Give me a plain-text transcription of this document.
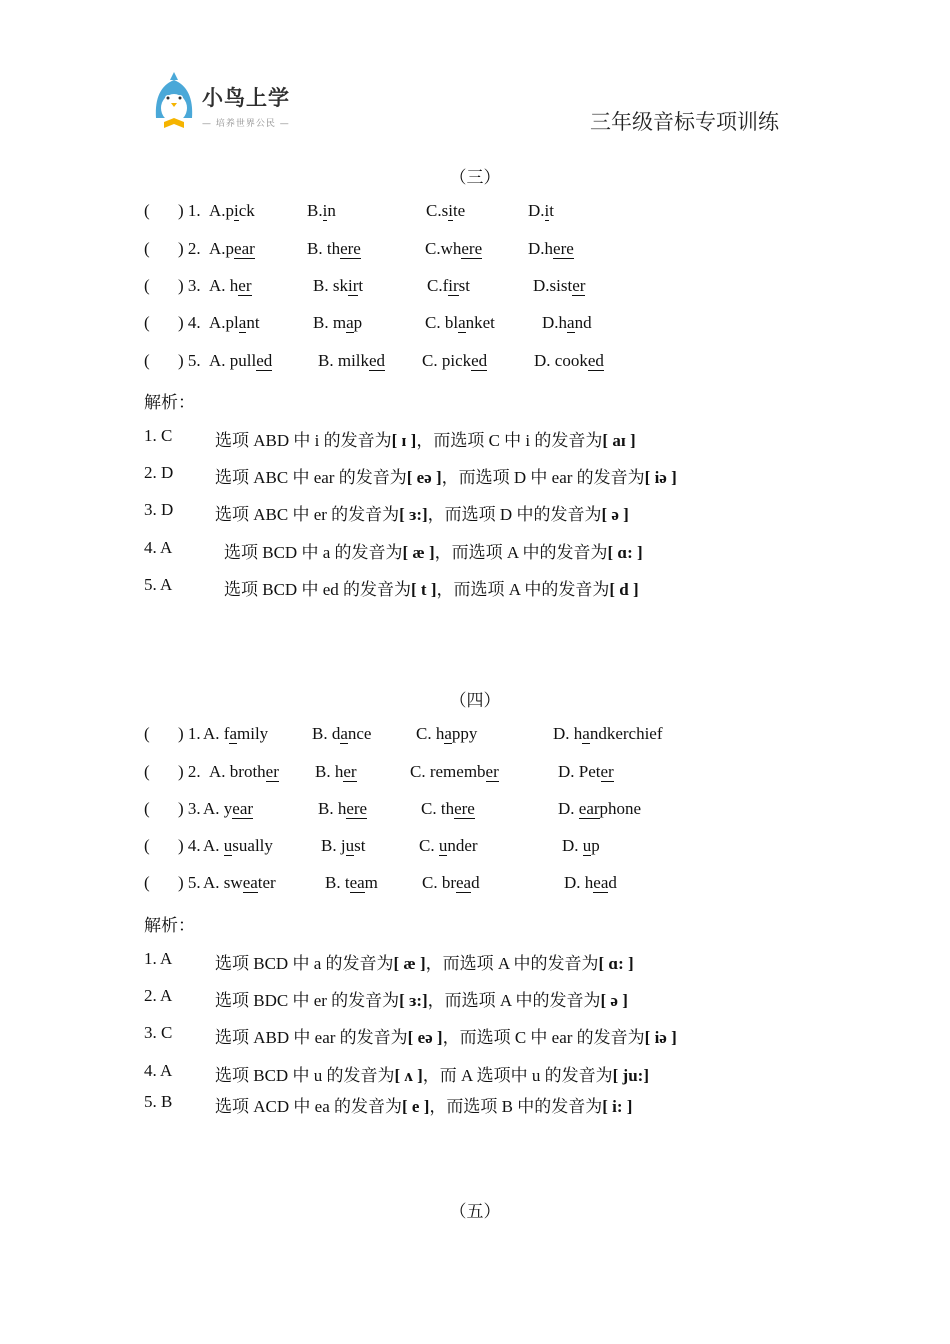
小鸟上学
— 培养世界公民 —	三年级音标专项训练
（三）
( ) 1. A.pick	B.in	C.site	D.it
( ) 2. A.pear	B. there	C.where	D.here
( ) 3. A. her	B. skirt	C.first	D.sister
( ) 4. A.plant	B. map	C. blanket	D.hand
( ) 5. A. pulled	B. milked C. picked	D. cooked
解析：
1. C	选项 ABD 中 i 的发音为[ ɪ ]，而选项 C 中 i 的发音为[ aɪ ]
2. D 选项 ABC 中 ear 的发音为[ eə ]，而选项 D 中 ear 的发音为[ iə ]
3. D 选项 ABC 中 er 的发音为[ ɜ:]，而选项 D 中的发音为[ ə ]
4. A	选项 BCD 中 a 的发音为[ æ ]，而选项 A 中的发音为[ ɑ: ]
5. A	选项 BCD 中 ed 的发音为[ t ]，而选项 A 中的发音为[ d ]
（四）
( ) 1. A. family	B. dance	C. happy	D. handkerchief
( ) 2. A. brother B. her	C. remember	D. Peter
( ) 3. A. year	B. here	C. there	D. earphone
( ) 4. A. usually	B. just	C. under	D. up
( ) 5. A. sweater	B. team	C. bread	D. head
解析：
1. A	选项 BCD 中 a 的发音为[ æ ]，而选项 A 中的发音为[ ɑ: ]
2. A	选项 BDC 中 er 的发音为[ ɜ:]，而选项 A 中的发音为[ ə ]
3. C	选项 ABD 中 ear 的发音为[ eə ]，而选项 C 中 ear 的发音为[ iə ]
4. A	选项 BCD 中 u 的发音为[ ʌ ]，而 A 选项中 u 的发音为[ ju:]
5. B	选项 ACD 中 ea 的发音为[ e ]，而选项 B 中的发音为[ i: ]
（五）
